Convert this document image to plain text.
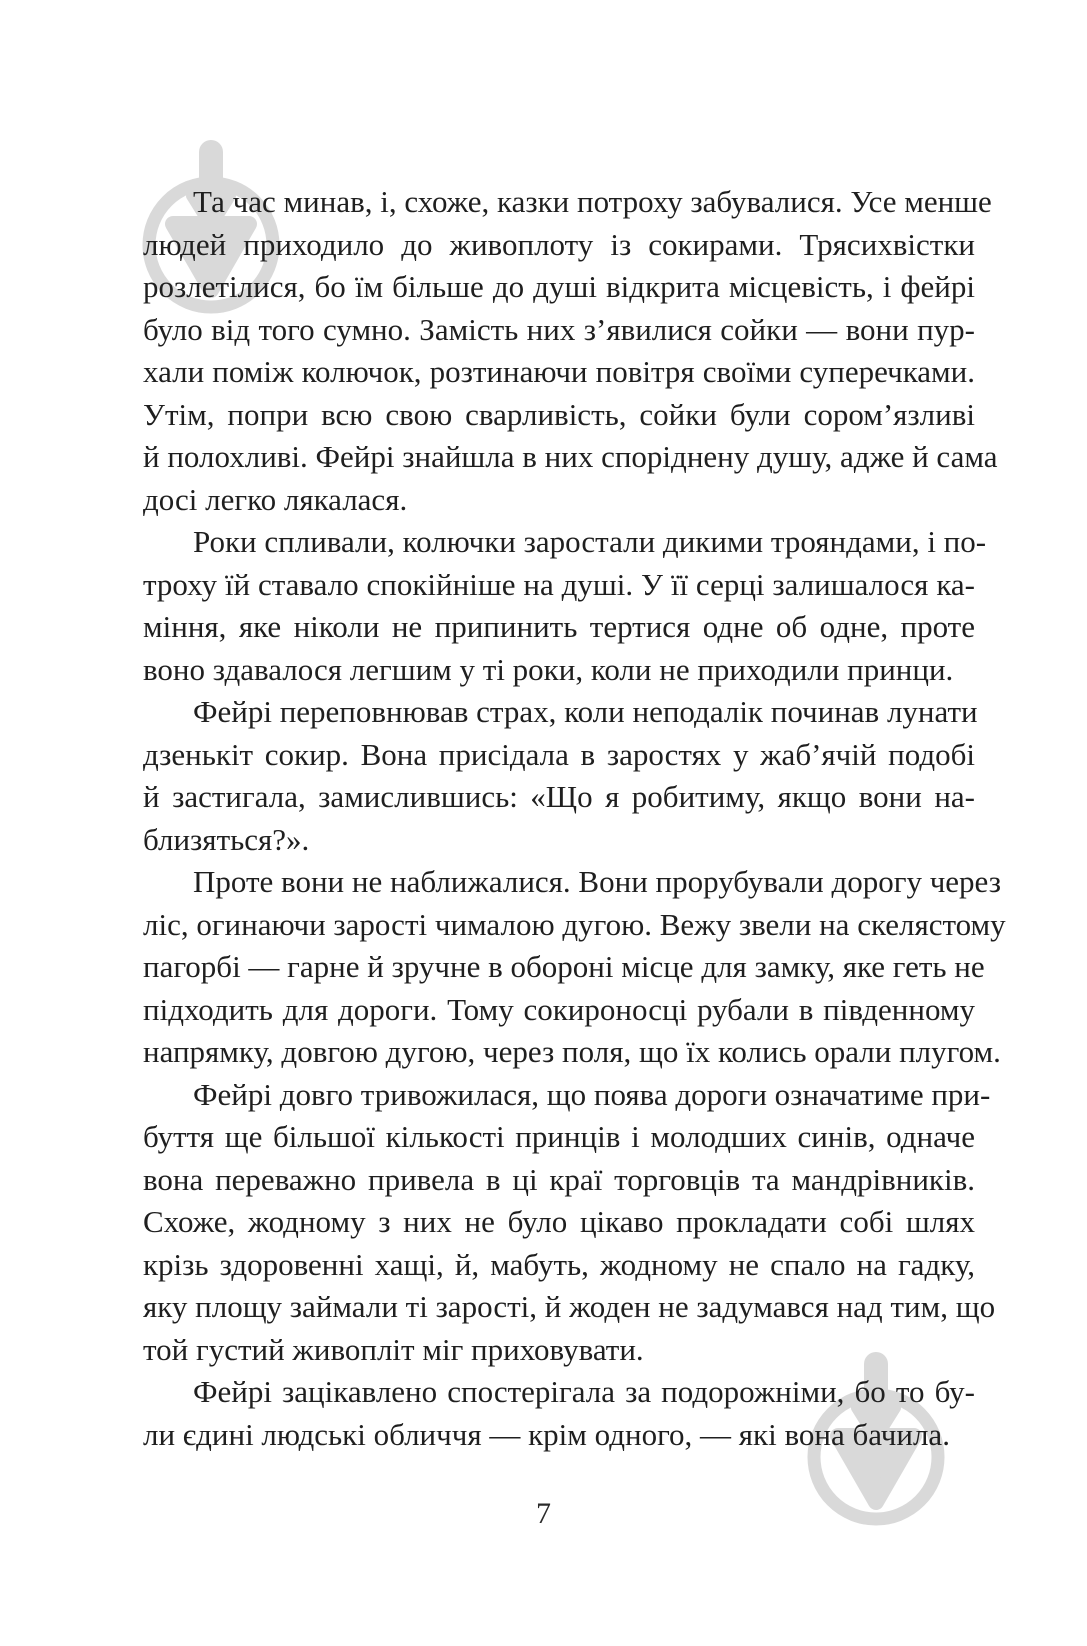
Та час минав, і, схоже, казки потроху забувалися. Усе менше
людей приходило до живоплоту із сокирами. Трясихвістки
розлетілися, бо їм більше до душі відкрита місцевість, і фейрі
було від того сумно. Замість них з’явилися сойки — вони пур-
хали поміж колючок, розтинаючи повітря своїми суперечками.
Утім, попри всю свою сварливість, сойки були сором’язливі
й полохливі. Фейрі знайшла в них споріднену душу, адже й сама
досі легко лякалася.
Роки спливали, колючки заростали дикими трояндами, і по-
троху їй ставало спокійніше на душі. У її серці залишалося ка-
міння, яке ніколи не припинить тертися одне об одне, проте
воно здавалося легшим у ті роки, коли не приходили принци.
Фейрі переповнював страх, коли неподалік починав лунати
дзенькіт сокир. Вона присідала в заростях у жаб’ячій подобі
й застигала, замислившись: «Що я робитиму, якщо вони на-
близяться?».
Проте вони не наближалися. Вони прорубували дорогу через
ліс, огинаючи зарості чималою дугою. Вежу звели на скелястому
пагорбі — гарне й зручне в обороні місце для замку, яке геть не
підходить для дороги. Тому сокироносці рубали в південному
напрямку, довгою дугою, через поля, що їх колись орали плугом.
Фейрі довго тривожилася, що поява дороги означатиме при-
буття ще більшої кількості принців і молодших синів, одначе
вона переважно привела в ці краї торговців та мандрівників.
Схоже, жодному з них не було цікаво прокладати собі шлях
крізь здоровенні хащі, й, мабуть, жодному не спало на гадку,
яку площу займали ті зарості, й жоден не задумався над тим, що
той густий живопліт міг приховувати.
Фейрі зацікавлено спостерігала за подорожніми, бо то бу-
ли єдині людські обличчя — крім одного, — які вона бачила.
7
